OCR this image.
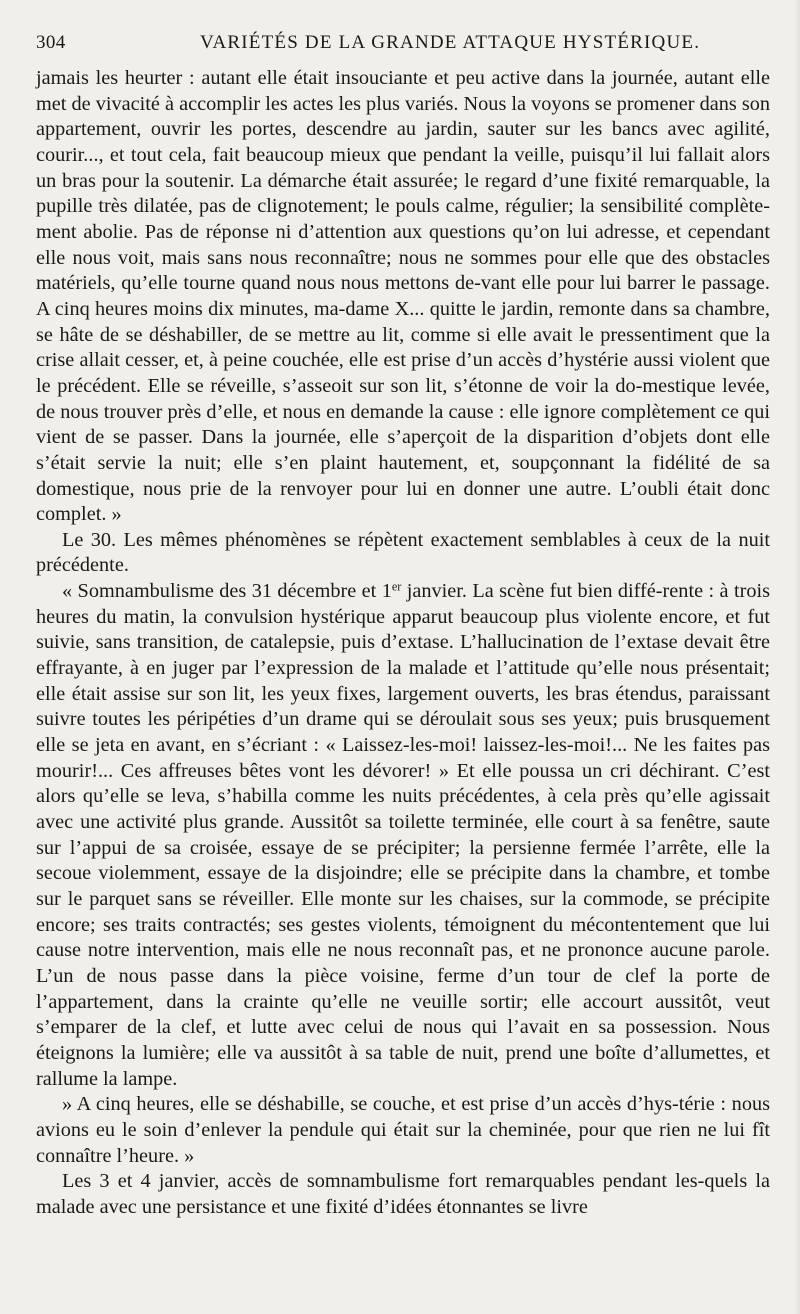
304	VARIÉTÉS DE LA GRANDE ATTAQUE HYSTÉRIQUE.

jamais les heurter : autant elle était insouciante et peu active dans la journée, autant elle met de vivacité à accomplir les actes les plus variés. Nous la voyons se promener dans son appartement, ouvrir les portes, descendre au jardin, sauter sur les bancs avec agilité, courir..., et tout cela, fait beaucoup mieux que pendant la veille, puisqu’il lui fallait alors un bras pour la soutenir. La démarche était assurée; le regard d’une fixité remarquable, la pupille très dilatée, pas de clignotement; le pouls calme, régulier; la sensibilité complète-ment abolie. Pas de réponse ni d’attention aux questions qu’on lui adresse, et cependant elle nous voit, mais sans nous reconnaître; nous ne sommes pour elle que des obstacles matériels, qu’elle tourne quand nous nous mettons de-vant elle pour lui barrer le passage. A cinq heures moins dix minutes, ma-dame X... quitte le jardin, remonte dans sa chambre, se hâte de se déshabiller, de se mettre au lit, comme si elle avait le pressentiment que la crise allait cesser, et, à peine couchée, elle est prise d’un accès d’hystérie aussi violent que le précédent. Elle se réveille, s’asseoit sur son lit, s’étonne de voir la do-mestique levée, de nous trouver près d’elle, et nous en demande la cause : elle ignore complètement ce qui vient de se passer. Dans la journée, elle s’aperçoit de la disparition d’objets dont elle s’était servie la nuit; elle s’en plaint hautement, et, soupçonnant la fidélité de sa domestique, nous prie de la renvoyer pour lui en donner une autre. L’oubli était donc complet. »

Le 30. Les mêmes phénomènes se répètent exactement semblables à ceux de la nuit précédente.

« Somnambulisme des 31 décembre et 1er janvier. La scène fut bien diffé-rente : à trois heures du matin, la convulsion hystérique apparut beaucoup plus violente encore, et fut suivie, sans transition, de catalepsie, puis d’extase. L’hallucination de l’extase devait être effrayante, à en juger par l’expression de la malade et l’attitude qu’elle nous présentait; elle était assise sur son lit, les yeux fixes, largement ouverts, les bras étendus, paraissant suivre toutes les péripéties d’un drame qui se déroulait sous ses yeux; puis brusquement elle se jeta en avant, en s’écriant : « Laissez-les-moi! laissez-les-moi!... Ne les faites pas mourir!... Ces affreuses bêtes vont les dévorer! » Et elle poussa un cri déchirant. C’est alors qu’elle se leva, s’habilla comme les nuits précédentes, à cela près qu’elle agissait avec une activité plus grande. Aussitôt sa toilette terminée, elle court à sa fenêtre, saute sur l’appui de sa croisée, essaye de se précipiter; la persienne fermée l’arrête, elle la secoue violemment, essaye de la disjoindre; elle se précipite dans la chambre, et tombe sur le parquet sans se réveiller. Elle monte sur les chaises, sur la commode, se précipite encore; ses traits contractés; ses gestes violents, témoignent du mécontentement que lui cause notre intervention, mais elle ne nous reconnaît pas, et ne prononce aucune parole. L’un de nous passe dans la pièce voisine, ferme d’un tour de clef la porte de l’appartement, dans la crainte qu’elle ne veuille sortir; elle accourt aussitôt, veut s’emparer de la clef, et lutte avec celui de nous qui l’avait en sa possession. Nous éteignons la lumière; elle va aussitôt à sa table de nuit, prend une boîte d’allumettes, et rallume la lampe.

» A cinq heures, elle se déshabille, se couche, et est prise d’un accès d’hys-térie : nous avions eu le soin d’enlever la pendule qui était sur la cheminée, pour que rien ne lui fît connaître l’heure. »

Les 3 et 4 janvier, accès de somnambulisme fort remarquables pendant les-quels la malade avec une persistance et une fixité d’idées étonnantes se livre
